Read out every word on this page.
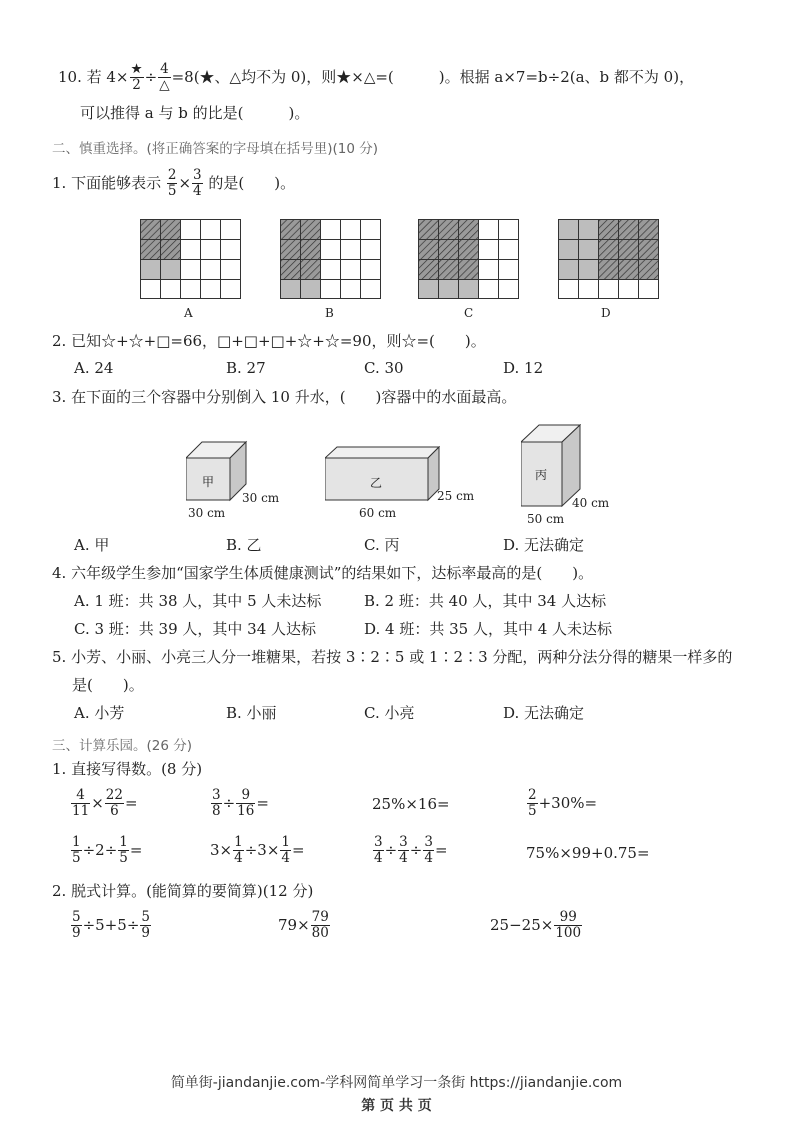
10. 若 $4\times \frac{★}{2} \div \frac{4}{\triangle}$ =8(★、△均不为 0)，则★×△=(　　　)。根据 a×7=b÷2(a、b 都不为 0)，
可以推得 a 与 b 的比是(　　　)。
二、慎重选择。(将正确答案的字母填在括号里)(10 分)
1. 下面能够表示 $\frac{2}{5} \times \frac{3}{4}$ 的是(　　)。
A	B	C	D
2. 已知☆+☆+□=66，□+□+□+☆+☆=90，则☆=(　　)。
A. 24	B. 27	C. 30	D. 12
3. 在下面的三个容器中分别倒入 10 升水，(　　)容器中的水面最高。
甲
30 cm
30 cm
乙
25 cm
60 cm
丙
40 cm
50 cm
A. 甲	B. 乙	C. 丙	D. 无法确定
4. 六年级学生参加“国家学生体质健康测试”的结果如下，达标率最高的是(　　)。
A. 1 班：共 38 人，其中 5 人未达标	B. 2 班：共 40 人，其中 34 人达标
C. 3 班：共 39 人，其中 34 人达标	D. 4 班：共 35 人，其中 4 人未达标
5. 小芳、小丽、小亮三人分一堆糖果，若按 3∶2∶5 或 1∶2∶3 分配，两种分法分得的糖果一样多的
是(　　)。
A. 小芳	B. 小丽	C. 小亮	D. 无法确定
三、计算乐园。(26 分)
1. 直接写得数。(8 分)
$\frac{4}{11} \times \frac{22}{6}$ =	$\frac{3}{8} \div \frac{9}{16}$ =	25%×16=	$\frac{2}{5} +30\%=$
$\frac{1}{5} \div 2\div \frac{1}{5}$ =	$3\times \frac{1}{4} \div 3\times \frac{1}{4}$ =	$\frac{3}{4} \div \frac{3}{4} \div \frac{3}{4}$ =	75%×99+0.75=
2. 脱式计算。(能简算的要简算)(12 分)
$\frac{5}{9} \div 5+5\div \frac{5}{9}$	$79\times \frac{79}{80}$	$25-25\times \frac{99}{100}$
简单街-jiandanjie.com-学科网简单学习一条街 https://jiandanjie.com
第 页 共 页
